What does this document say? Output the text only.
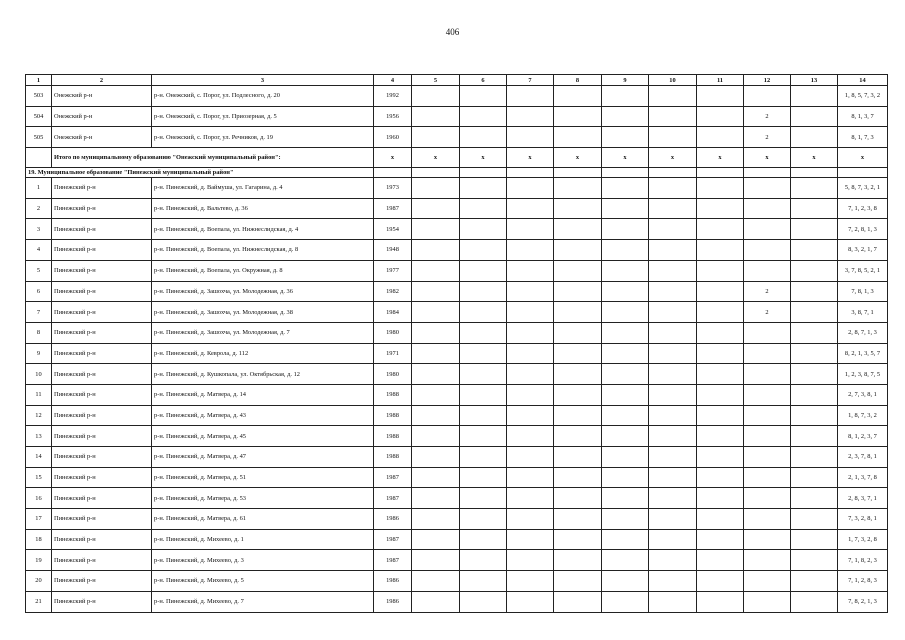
406
1	2	3	4	5	6	7	8	9	10	11	12	13	14
503	Онежский р-н	р-н. Онежский, с. Порог, ул. Подлесного, д. 20	1992										1, 8, 5, 7, 3, 2
504	Онежский р-н	р-н. Онежский, с. Порог, ул. Приозерная, д. 5	1956								2		8, 1, 3, 7
505	Онежский р-н	р-н. Онежский, с. Порог, ул. Речников, д. 19	1960								2		8, 1, 7, 3
	Итого по муниципальному образованию "Онежский муниципальный район":		x	x	x	x	x	x	x	x	x	x	x
19. Муниципальное образование "Пинежский муниципальный район"													
1	Пинежский р-н	р-н. Пинежский, д. Ваймуша, ул. Гагарина, д. 4	1973										5, 8, 7, 3, 2, 1
2	Пинежский р-н	р-н. Пинежский, д. Вальтево, д. 36	1987										7, 1, 2, 3, 8
3	Пинежский р-н	р-н. Пинежский, д. Воепала, ул. Нижнеслидская, д. 4	1954										7, 2, 8, 1, 3
4	Пинежский р-н	р-н. Пинежский, д. Воепала, ул. Нижнеслидская, д. 8	1948										8, 3, 2, 1, 7
5	Пинежский р-н	р-н. Пинежский, д. Воепала, ул. Окружная, д. 8	1977										3, 7, 8, 5, 2, 1
6	Пинежский р-н	р-н. Пинежский, д. Зашохча, ул. Молодежная, д. 36	1982								2		7, 8, 1, 3
7	Пинежский р-н	р-н. Пинежский, д. Зашохча, ул. Молодежная, д. 38	1984								2		3, 8, 7, 1
8	Пинежский р-н	р-н. Пинежский, д. Зашохча, ул. Молодежная, д. 7	1980										2, 8, 7, 1, 3
9	Пинежский р-н	р-н. Пинежский, д. Кеврола, д. 112	1971										8, 2, 1, 3, 5, 7
10	Пинежский р-н	р-н. Пинежский, д. Кушкопала, ул. Октябрьская, д. 12	1980										1, 2, 3, 8, 7, 5
11	Пинежский р-н	р-н. Пинежский, д. Матвера, д. 14	1988										2, 7, 3, 8, 1
12	Пинежский р-н	р-н. Пинежский, д. Матвера, д. 43	1988										1, 8, 7, 3, 2
13	Пинежский р-н	р-н. Пинежский, д. Матвера, д. 45	1988										8, 1, 2, 3, 7
14	Пинежский р-н	р-н. Пинежский, д. Матвера, д. 47	1988										2, 3, 7, 8, 1
15	Пинежский р-н	р-н. Пинежский, д. Матвера, д. 51	1987										2, 1, 3, 7, 8
16	Пинежский р-н	р-н. Пинежский, д. Матвера, д. 53	1987										2, 8, 3, 7, 1
17	Пинежский р-н	р-н. Пинежский, д. Матвера, д. 61	1986										7, 3, 2, 8, 1
18	Пинежский р-н	р-н. Пинежский, д. Михеево, д. 1	1987										1, 7, 3, 2, 8
19	Пинежский р-н	р-н. Пинежский, д. Михеево, д. 3	1987										7, 1, 8, 2, 3
20	Пинежский р-н	р-н. Пинежский, д. Михеево, д. 5	1986										7, 1, 2, 8, 3
21	Пинежский р-н	р-н. Пинежский, д. Михеево, д. 7	1986										7, 8, 2, 1, 3
